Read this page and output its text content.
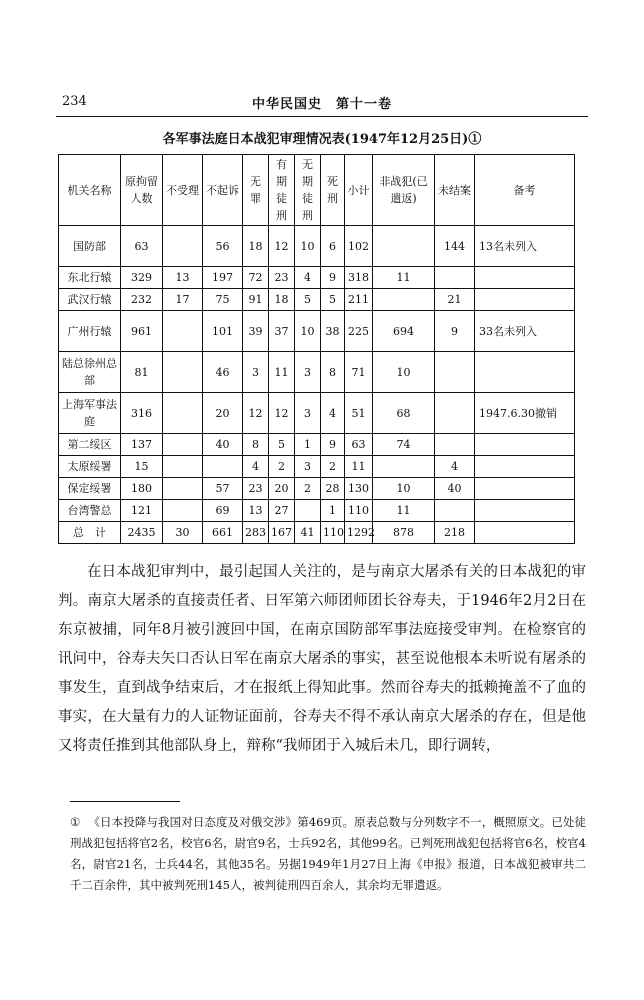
234	中华民国史　第十一卷
各军事法庭日本战犯审理情况表(1947年12月25日)①
机关名称	原拘留人数	不受理	不起诉	无罪	有期徒刑	无期徒刑	死刑	小计	非战犯(已遣返)	未结案	备考
国防部	63		56	18	12	10	6	102		144	13名未列入
东北行辕	329	13	197	72	23	4	9	318	11		
武汉行辕	232	17	75	91	18	5	5	211		21	
广州行辕	961		101	39	37	10	38	225	694	9	33名未列入
陆总徐州总部	81		46	3	11	3	8	71	10		
上海军事法庭	316		20	12	12	3	4	51	68		1947.6.30撤销
第二绥区	137		40	8	5	1	9	63	74		
太原绥署	15			4	2	3	2	11		4	
保定绥署	180		57	23	20	2	28	130	10	40	
台湾警总	121		69	13	27		1	110	11		
总　计	2435	30	661	283	167	41	110	1292	878	218	

在日本战犯审判中，最引起国人关注的，是与南京大屠杀有关的日本战犯的审判。南京大屠杀的直接责任者、日军第六师团师团长谷寿夫，于1946年2月2日在东京被捕，同年8月被引渡回中国，在南京国防部军事法庭接受审判。在检察官的讯问中，谷寿夫矢口否认日军在南京大屠杀的事实，甚至说他根本未听说有屠杀的事发生，直到战争结束后，才在报纸上得知此事。然而谷寿夫的抵赖掩盖不了血的事实，在大量有力的人证物证面前，谷寿夫不得不承认南京大屠杀的存在，但是他又将责任推到其他部队身上，辩称“我师团于入城后未几，即行调转，

① 《日本投降与我国对日态度及对俄交涉》第469页。原表总数与分列数字不一，概照原文。已处徒刑战犯包括将官2名，校官6名，尉官9名，士兵92名，其他99名。已判死刑战犯包括将官6名，校官4名，尉官21名，士兵44名，其他35名。另据1949年1月27日上海《申报》报道，日本战犯被审共二千二百余件，其中被判死刑145人，被判徒刑四百余人，其余均无罪遣返。
